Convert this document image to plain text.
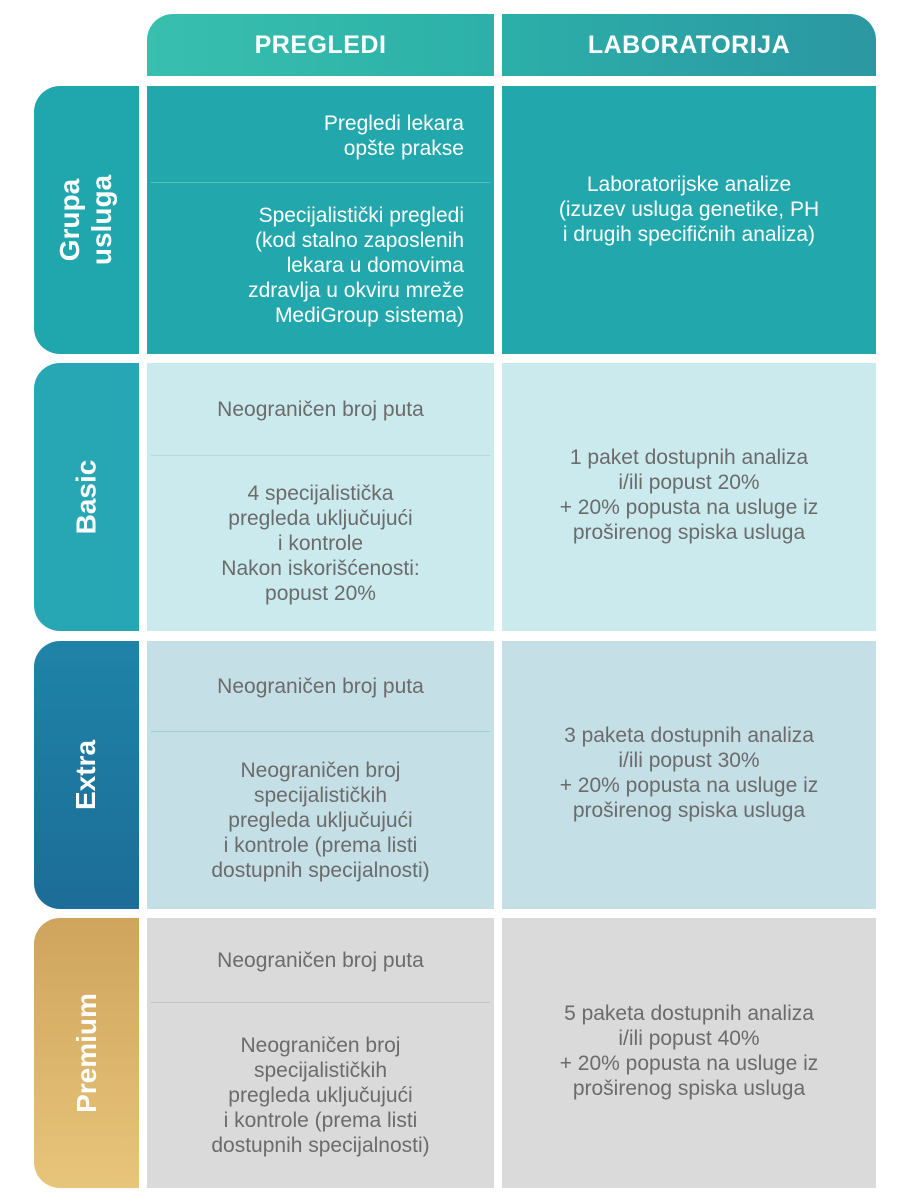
PREGLEDI	LABORATORIJA
Grupa usluga
Basic
Extra
Premium
Pregledi lekara
opšte prakse
Specijalistički pregledi
(kod stalno zaposlenih
lekara u domovima
zdravlja u okviru mreže
MediGroup sistema)
Laboratorijske analize
(izuzev usluga genetike, PH
i drugih specifičnih analiza)
Neograničen broj puta
4 specijalistička
pregleda uključujući
i kontrole
Nakon iskorišćenosti:
popust 20%
1 paket dostupnih analiza
i/ili popust 20%
+ 20% popusta na usluge iz
proširenog spiska usluga
Neograničen broj puta
Neograničen broj
specijalističkih
pregleda uključujući
i kontrole (prema listi
dostupnih specijalnosti)
3 paketa dostupnih analiza
i/ili popust 30%
+ 20% popusta na usluge iz
proširenog spiska usluga
Neograničen broj puta
Neograničen broj
specijalističkih
pregleda uključujući
i kontrole (prema listi
dostupnih specijalnosti)
5 paketa dostupnih analiza
i/ili popust 40%
+ 20% popusta na usluge iz
proširenog spiska usluga
